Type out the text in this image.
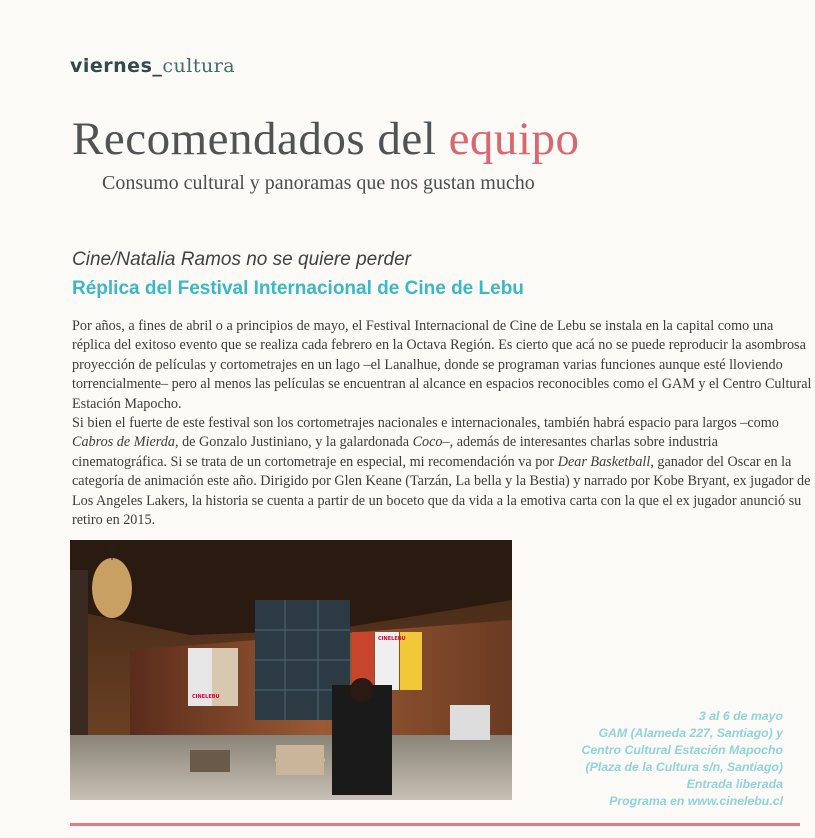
viernes_cultura
Recomendados del equipo
Consumo cultural y panoramas que nos gustan mucho
Cine/Natalia Ramos no se quiere perder
Réplica del Festival Internacional de Cine de Lebu

Por años, a fines de abril o a principios de mayo, el Festival Internacional de Cine de Lebu se instala en la capital como una réplica del exitoso evento que se realiza cada febrero en la Octava Región. Es cierto que acá no se puede reproducir la asombrosa proyección de películas y cortometrajes en un lago –el Lanalhue, donde se programan varias funciones aunque esté lloviendo torrencialmente– pero al menos las películas se encuentran al alcance en espacios reconocibles como el GAM y el Centro Cultural Estación Mapocho.

Si bien el fuerte de este festival son los cortometrajes nacionales e internacionales, también habrá espacio para largos –como Cabros de Mierda, de Gonzalo Justiniano, y la galardonada Coco–, además de interesantes charlas sobre industria cinematográfica. Si se trata de un cortometraje en especial, mi recomendación va por Dear Basketball, ganador del Oscar en la categoría de animación este año. Dirigido por Glen Keane (Tarzán, La bella y la Bestia) y narrado por Kobe Bryant, ex jugador de Los Angeles Lakers, la historia se cuenta a partir de un boceto que da vida a la emotiva carta con la que el ex jugador anunció su retiro en 2015.

CINELEBU
CINELEBU
3 al 6 de mayo
GAM (Alameda 227, Santiago) y
Centro Cultural Estación Mapocho
(Plaza de la Cultura s/n, Santiago)
Entrada liberada
Programa en www.cinelebu.cl
